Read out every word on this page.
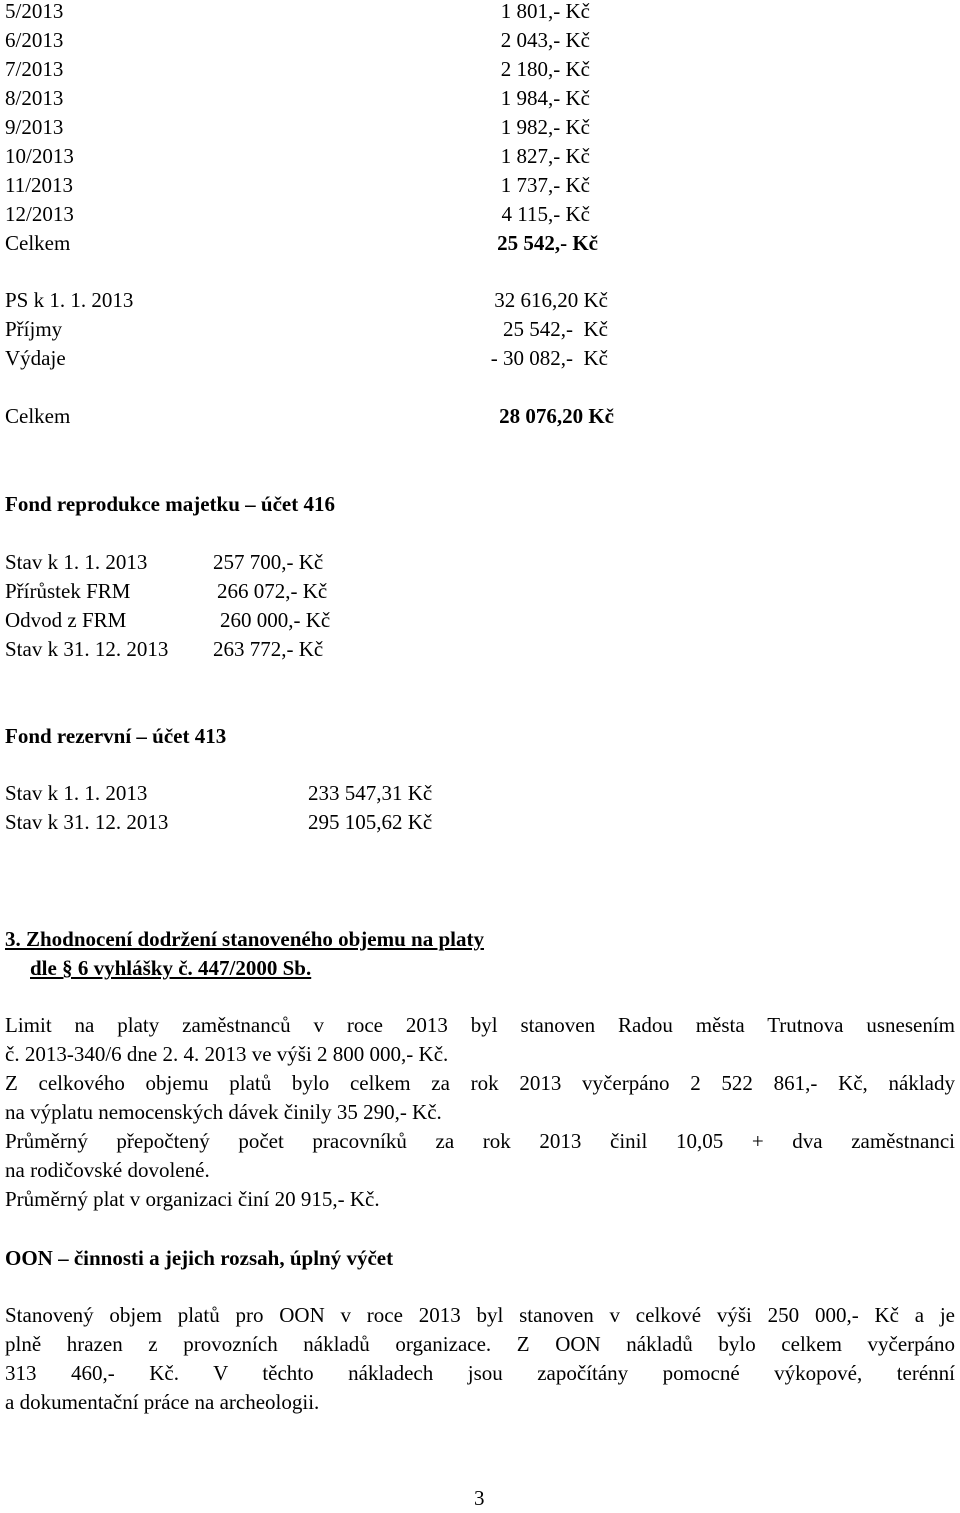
5/2013	1 801,- Kč
6/2013	2 043,- Kč
7/2013	2 180,- Kč
8/2013	1 984,- Kč
9/2013	1 982,- Kč
10/2013	1 827,- Kč
11/2013	1 737,- Kč
12/2013	4 115,- Kč
Celkem	25 542,- Kč
PS k 1. 1. 2013	32 616,20 Kč
Příjmy	25 542,-  Kč
Výdaje	- 30 082,-  Kč
Celkem	28 076,20 Kč
Fond reprodukce majetku – účet 416
Stav k 1. 1. 2013	257 700,- Kč
Přírůstek FRM	266 072,- Kč
Odvod z FRM	260 000,- Kč
Stav k 31. 12. 2013 263 772,- Kč
Fond rezervní – účet 413
Stav k 1. 1. 2013	233 547,31 Kč
Stav k 31. 12. 2013	295 105,62 Kč
3. Zhodnocení dodržení stanoveného objemu na platy
dle § 6 vyhlášky č. 447/2000 Sb.
Limit na platy zaměstnanců v roce 2013 byl stanoven Radou města Trutnova usnesením
č. 2013-340/6 dne 2. 4. 2013 ve výši 2 800 000,- Kč.
Z celkového objemu platů bylo celkem za rok 2013 vyčerpáno 2 522 861,- Kč, náklady
na výplatu nemocenských dávek činily 35 290,- Kč.
Průměrný přepočtený počet pracovníků za rok 2013 činil 10,05 + dva zaměstnanci
na rodičovské dovolené.
Průměrný plat v organizaci činí 20 915,- Kč.
OON – činnosti a jejich rozsah, úplný výčet
Stanovený objem platů pro OON v roce 2013 byl stanoven v celkové výši 250 000,- Kč a je
plně hrazen z provozních nákladů organizace. Z OON nákladů bylo celkem vyčerpáno
313 460,- Kč. V těchto nákladech jsou započítány pomocné výkopové, terénní
a dokumentační práce na archeologii.
3
